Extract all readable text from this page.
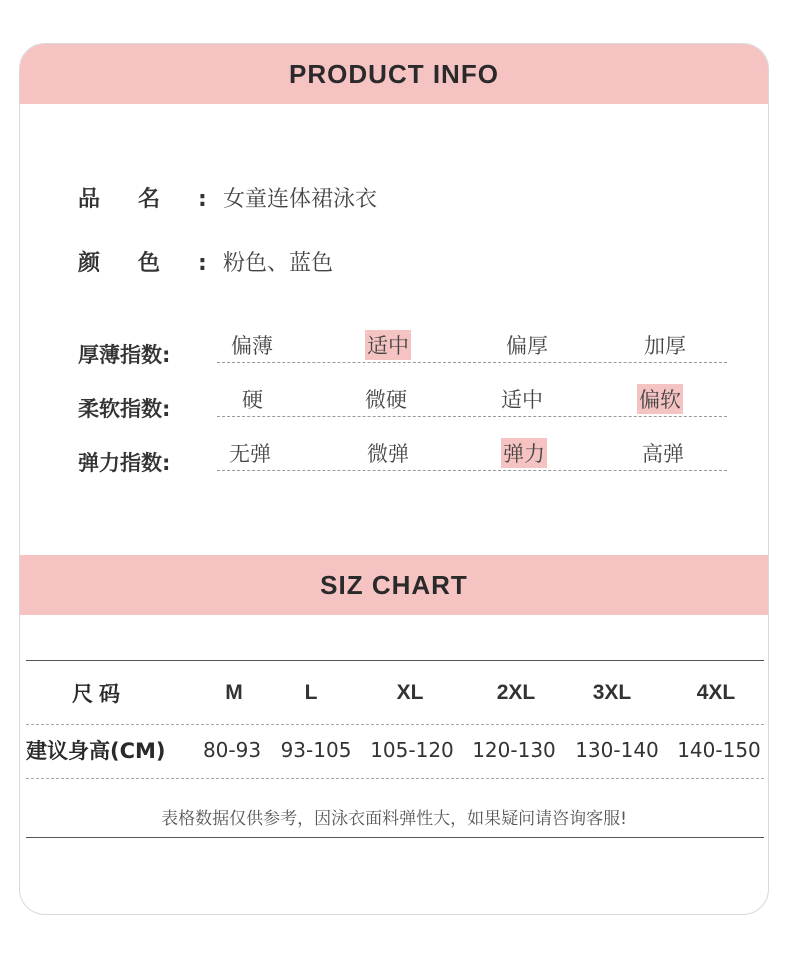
PRODUCT INFO
品名:
女童连体裙泳衣
颜色:
粉色、蓝色
厚薄指数:	偏薄	适中	偏厚	加厚
柔软指数:	硬	微硬	适中	偏软
弹力指数:	无弹	微弹	弹力	高弹
SIZ CHART
尺码	M	L	XL	2XL	3XL	4XL
建议身高(CM) 80-93 93-105 105-120 120-130 130-140 140-150
表格数据仅供参考，因泳衣面料弹性大，如果疑问请咨询客服!
